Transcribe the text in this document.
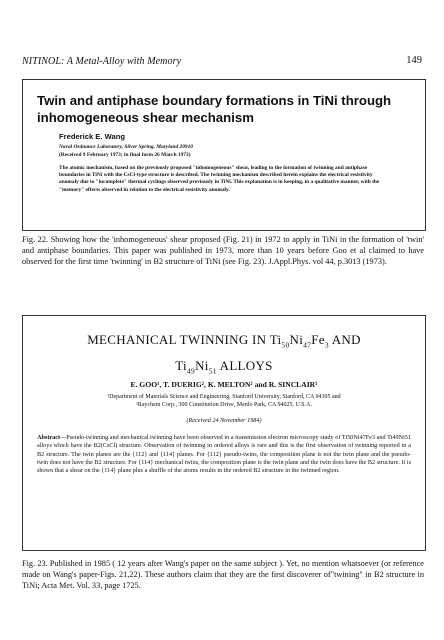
NITINOL: A Metal-Alloy with Memory	149
Twin and antiphase boundary formations in TiNi through inhomogeneous shear mechanism
Frederick E. Wang
Naval Ordnance Laboratory, Silver Spring, Maryland 20910
(Received 9 February 1973; in final form 26 March 1973)
The atomic mechanism, based on the previously proposed "inhomogeneous" shear, leading to the formation of twinning and antiphase boundaries in TiNi with the CsCl-type structure is described. The twinning mechanism described herein explains the electrical resistivity anomaly due to "incomplete" thermal cyclings observed previously in TiNi. This explanation is in keeping, in a qualitative manner, with the "memory" effects observed in relation to the electrical resistivity anomaly.
Fig. 22. Showing how the 'inhomogeneous' shear proposed (Fig. 21) in 1972 to apply in TiNi in the formation of 'twin' and antiphase boundaries. This paper was published in 1973, more than 10 years before Goo et al claimed to have observed for the first time 'twinning' in B2 structure of TiNi (see Fig. 23). J.Appl.Phys. vol 44, p.3013 (1973).
MECHANICAL TWINNING IN $Ti_{50}Ni_{47}Fe_3$ AND
$Ti_{49}Ni_{51}$ ALLOYS
E. GOO¹, T. DUERIG², K. MELTON² and R. SINCLAIR¹
¹Department of Materials Science and Engineering, Stanford University, Stanford, CA 94305 and
²Raychem Corp., 300 Constitution Drive, Menlo Park, CA 94025, U.S.A.
(Received 24 November 1984)
Abstract—Pseudo-twinning and mechanical twinning have been observed in a transmission electron microscopy study of Ti50Ni47Fe3 and Ti49Ni51 alloys which have the B2(CsCl) structure. Observation of twinning in ordered alloys is rare and this is the first observation of twinning reported in a B2 structure. The twin planes are the {112} and {114} planes. For {112} pseudo-twins, the composition plane is not the twin plane and the pseudo-twin does not have the B2 structure. For {114} mechanical twins, the composition plane is the twin plane and the twin does have the B2 structure. It is shown that a shear on the {114} plane plus a shuffle of the atoms results in the ordered B2 structure in the twinned region.
Fig. 23. Published in 1985 ( 12 years after Wang's paper on the same subject ). Yet, no mention whatsoever (or reference made on Wang's paper-Figs. 21,22). These authors claim that they are the first discoverer of"twining" in B2 structure in TiNi; Acta Met. Vol. 33, page 1725.
